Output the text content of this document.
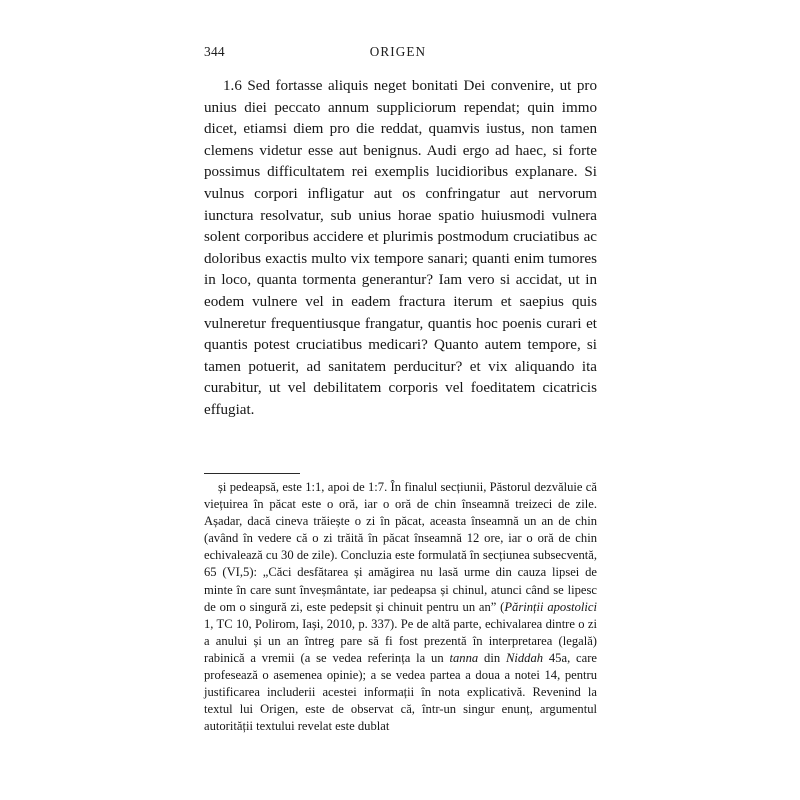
344	ORIGEN

1.6 Sed fortasse aliquis neget bonitati Dei convenire, ut pro unius diei peccato annum suppliciorum rependat; quin immo dicet, etiamsi diem pro die reddat, quamvis iustus, non tamen clemens videtur esse aut benignus. Audi ergo ad haec, si forte possimus difficultatem rei exemplis lucidioribus explanare. Si vulnus corpori infligatur aut os confringatur aut nervorum iunctura resolvatur, sub unius horae spatio huiusmodi vulnera solent corporibus accidere et plurimis postmodum cruciatibus ac doloribus exactis multo vix tempore sanari; quanti enim tumores in loco, quanta tormenta generantur? Iam vero si accidat, ut in eodem vulnere vel in eadem fractura iterum et saepius quis vulneretur frequentiusque frangatur, quantis hoc poenis curari et quantis potest cruciatibus medicari? Quanto autem tempore, si tamen potuerit, ad sanitatem perducitur? et vix aliquando ita curabitur, ut vel debilitatem corporis vel foeditatem cicatricis effugiat.

și pedeapsă, este 1:1, apoi de 1:7. În finalul secțiunii, Păstorul dezvăluie că viețuirea în păcat este o oră, iar o oră de chin înseamnă treizeci de zile. Așadar, dacă cineva trăiește o zi în păcat, aceasta înseamnă un an de chin (având în vedere că o zi trăită în păcat înseamnă 12 ore, iar o oră de chin echivalează cu 30 de zile). Concluzia este formulată în secțiunea subsecventă, 65 (VI,5): „Căci desfătarea și amăgirea nu lasă urme din cauza lipsei de minte în care sunt înveșmântate, iar pedeapsa și chinul, atunci când se lipesc de om o singură zi, este pedepsit și chinuit pentru un an” (Părinții apostolici 1, TC 10, Polirom, Iași, 2010, p. 337). Pe de altă parte, echivalarea dintre o zi a anului și un an întreg pare să fi fost prezentă în interpretarea (legală) rabinică a vremii (a se vedea referința la un tanna din Niddah 45a, care profesează o asemenea opinie); a se vedea partea a doua a notei 14, pentru justificarea includerii acestei informații în nota explicativă. Revenind la textul lui Origen, este de observat că, într-un singur enunț, argumentul autorității textului revelat este dublat
